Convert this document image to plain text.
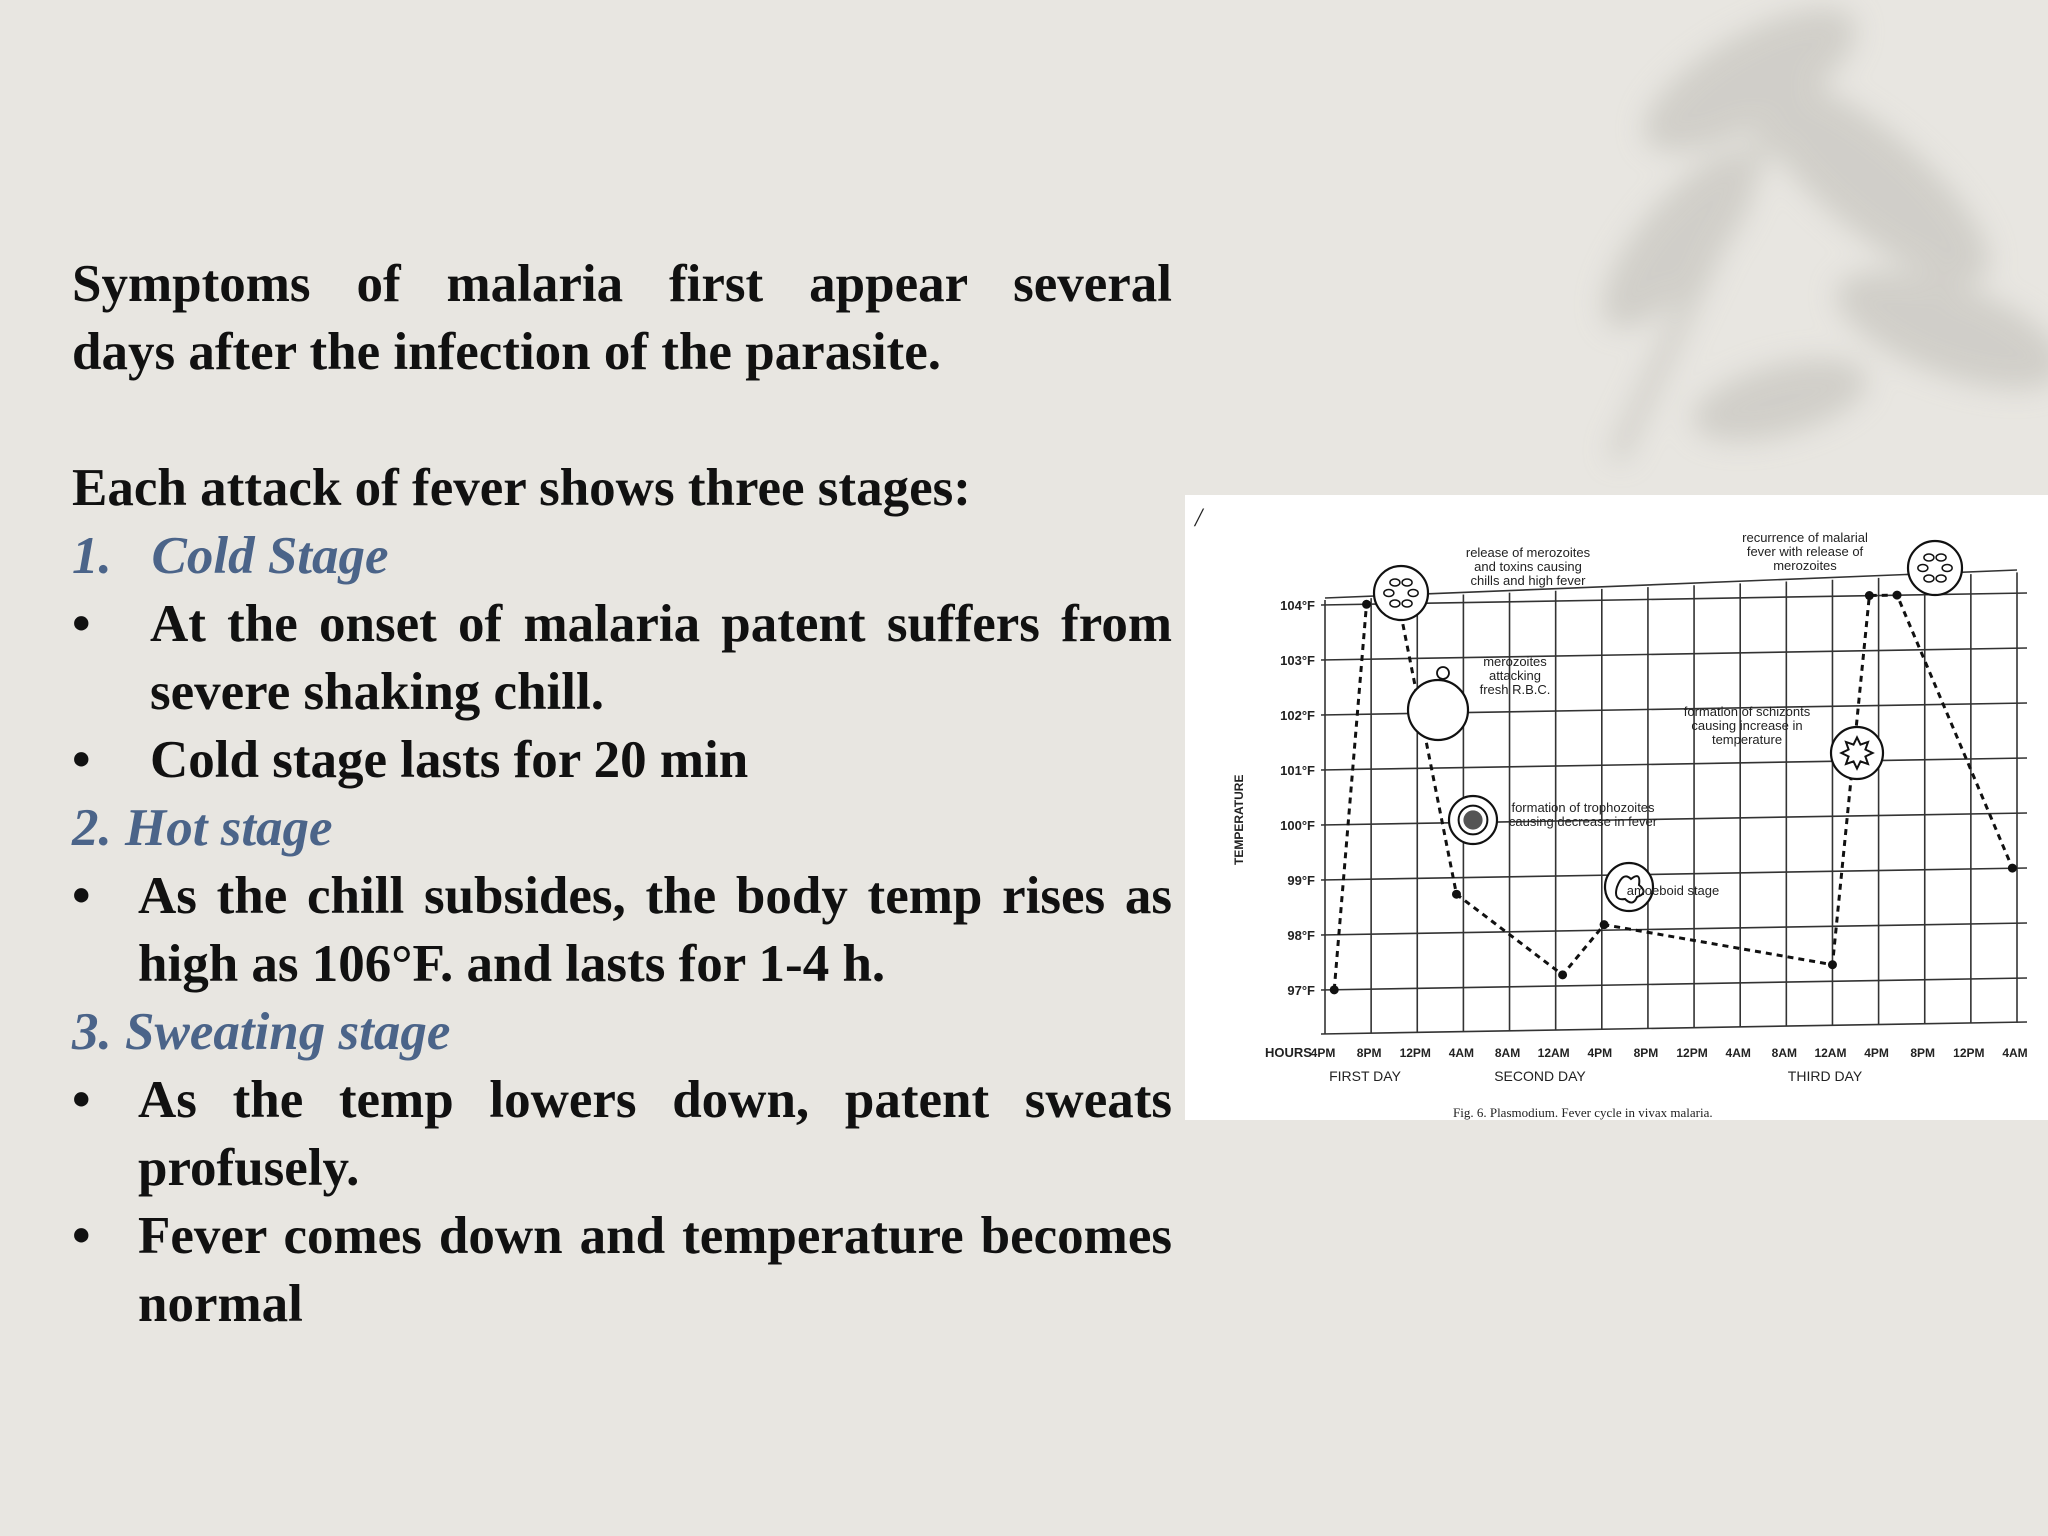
Symptoms of malaria first appear several

days after the infection of the parasite.

Each attack of fever shows three stages:

1. Cold Stage

• At the onset of malaria patent suffers from severe shaking chill.
• Cold stage lasts for 20 min

2. Hot stage

• As the chill subsides, the body temp rises as high as 106°F. and lasts for 1-4 h.

3. Sweating stage

• As the temp lowers down, patent sweats profusely.
• Fever comes down and temperature becomes normal
/
104°F
103°F
102°F
101°F
100°F
99°F
98°F
97°F
4PM 8PM 12PM 4AM 8AM 12AM 4PM 8PM 12PM 4AM 8AM 12AM 4PM 8PM 12PM 4AM
HOURS
FIRST DAY	SECOND DAY	THIRD DAY
TEMPERATURE
release of merozoites and toxins causing chills and high fever
recurrence of malarial fever with release of merozoites
merozoites attacking fresh R.B.C.
formation of schizonts causing increase in temperature
formation of trophozoites causing decrease in fever
amoeboid stage
Fig. 6. Plasmodium. Fever cycle in vivax malaria.
